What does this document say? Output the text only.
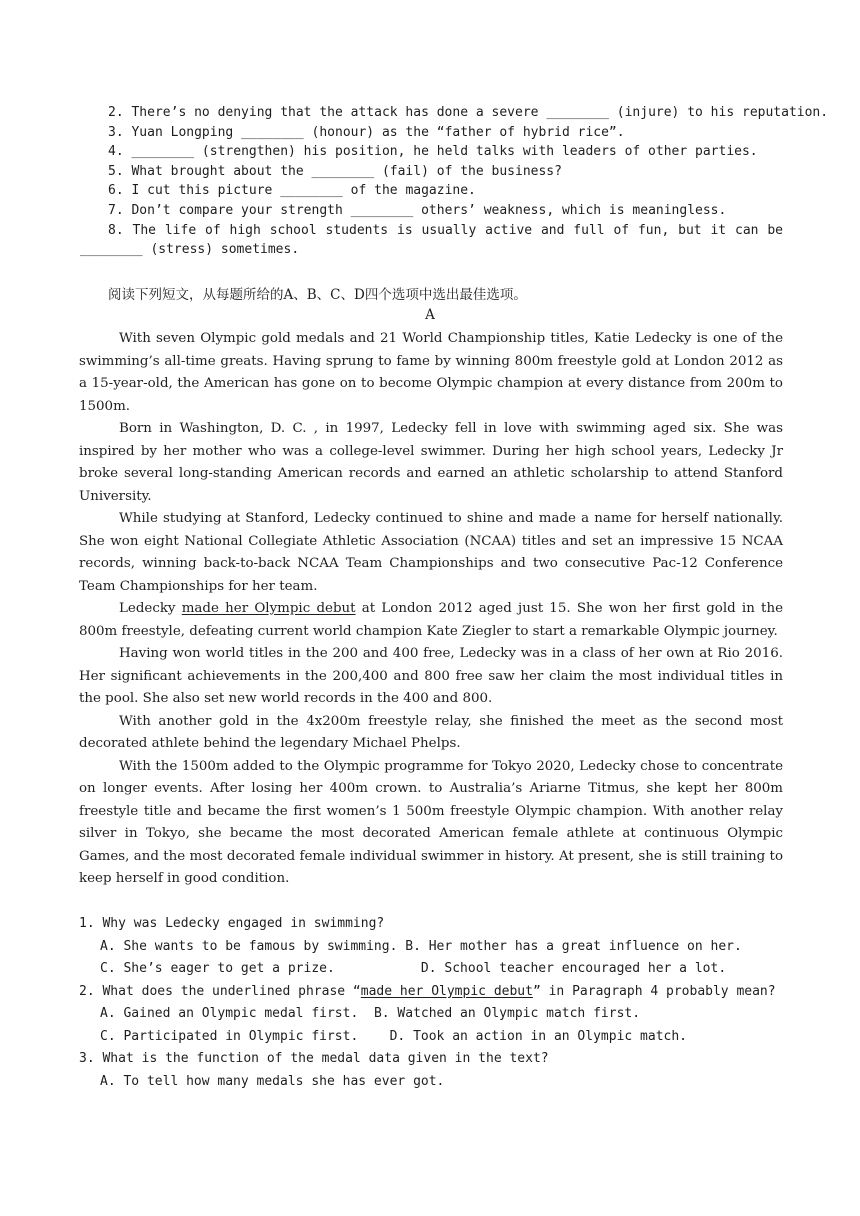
2. There’s no denying that the attack has done a severe ________ (injure) to his reputation.
3. Yuan Longping ________ (honour) as the “father of hybrid rice”.
4. ________ (strengthen) his position, he held talks with leaders of other parties.
5. What brought about the ________ (fail) of the business?
6. I cut this picture ________ of the magazine.
7. Don’t compare your strength ________ others’ weakness, which is meaningless.
8. The life of high school students is usually active and full of fun, but it can be ________ (stress) sometimes.
阅读下列短文，从每题所给的A、B、C、D四个选项中选出最佳选项。
A

With seven Olympic gold medals and 21 World Championship titles, Katie Ledecky is one of the swimming’s all-time greats. Having sprung to fame by winning 800m freestyle gold at London 2012 as a 15-year-old, the American has gone on to become Olympic champion at every distance from 200m to 1500m.

Born in Washington, D. C. , in 1997, Ledecky fell in love with swimming aged six. She was inspired by her mother who was a college-level swimmer. During her high school years, Ledecky Jr broke several long-standing American records and earned an athletic scholarship to attend Stanford University.

While studying at Stanford, Ledecky continued to shine and made a name for herself nationally. She won eight National Collegiate Athletic Association (NCAA) titles and set an impressive 15 NCAA records, winning back-to-back NCAA Team Championships and two consecutive Pac-12 Conference Team Championships for her team.

Ledecky made her Olympic debut at London 2012 aged just 15. She won her first gold in the 800m freestyle, defeating current world champion Kate Ziegler to start a remarkable Olympic journey.

Having won world titles in the 200 and 400 free, Ledecky was in a class of her own at Rio 2016. Her significant achievements in the 200,400 and 800 free saw her claim the most individual titles in the pool. She also set new world records in the 400 and 800.

With another gold in the 4x200m freestyle relay, she finished the meet as the second most decorated athlete behind the legendary Michael Phelps.

With the 1500m added to the Olympic programme for Tokyo 2020, Ledecky chose to concentrate on longer events. After losing her 400m crown. to Australia’s Ariarne Titmus, she kept her 800m freestyle title and became the first women’s 1 500m freestyle Olympic champion. With another relay silver in Tokyo, she became the most decorated American female athlete at continuous Olympic Games, and the most decorated female individual swimmer in history. At present, she is still training to keep herself in good condition.

1. Why was Ledecky engaged in swimming?
A. She wants to be famous by swimming. B. Her mother has a great influence on her.
C. She’s eager to get a prize.	D. School teacher encouraged her a lot.
2. What does the underlined phrase “made her Olympic debut” in Paragraph 4 probably mean?
A. Gained an Olympic medal first. B. Watched an Olympic match first.
C. Participated in Olympic first. D. Took an action in an Olympic match.
3. What is the function of the medal data given in the text?
A. To tell how many medals she has ever got.
